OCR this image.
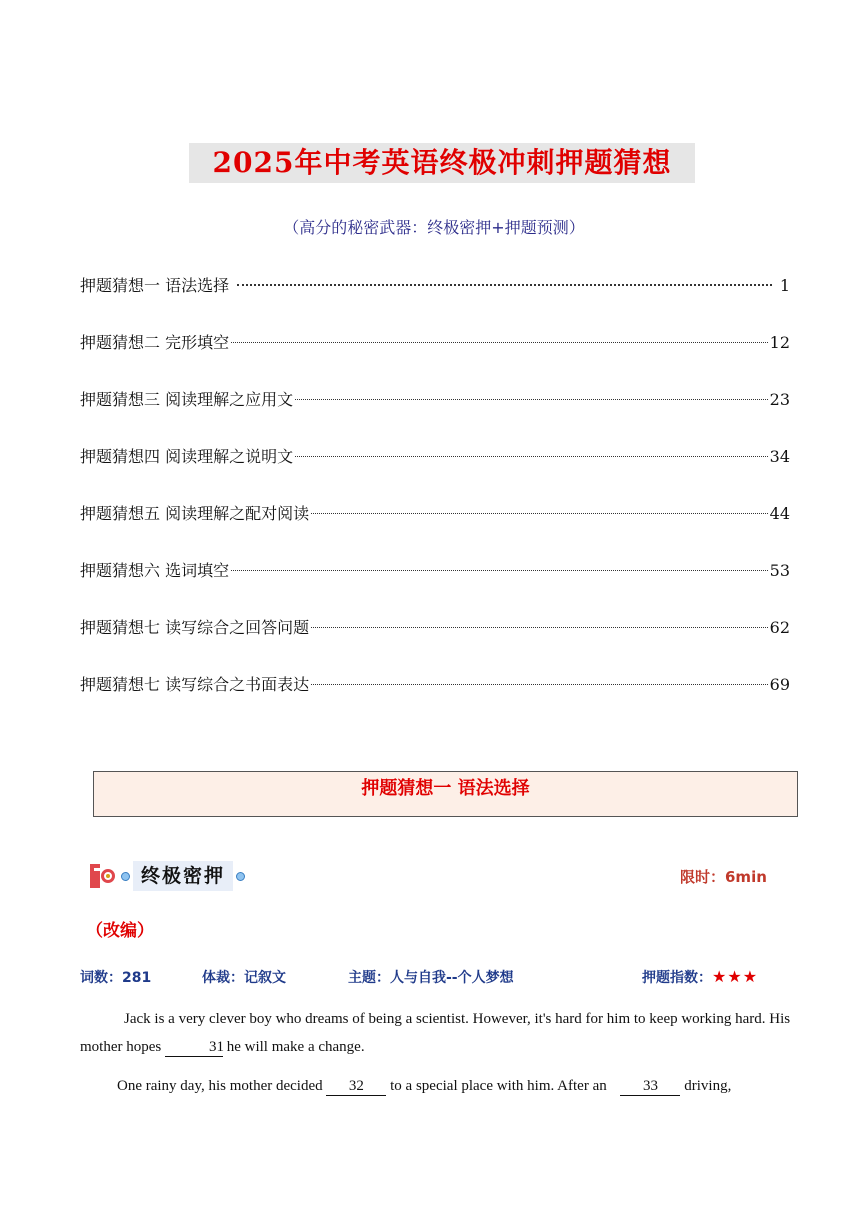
2025年中考英语终极冲刺押题猜想
（高分的秘密武器：终极密押+押题预测）
押题猜想一 语法选择	1
押题猜想二 完形填空	12
押题猜想三 阅读理解之应用文	23
押题猜想四 阅读理解之说明文	34
押题猜想五 阅读理解之配对阅读	44
押题猜想六 选词填空	53
押题猜想七 读写综合之回答问题	62
押题猜想七 读写综合之书面表达	69
押题猜想一 语法选择
终极密押	限时：6min
（改编）
词数：281	体裁：记叙文	主题：人与自我--个人梦想	押题指数：★★★
Jack is a very clever boy who dreams of being a scientist. However, it's hard for him to keep working hard. His mother hopes	31 he will make a change.
One rainy day, his mother decided 32 to a special place with him. After an 33 driving,
